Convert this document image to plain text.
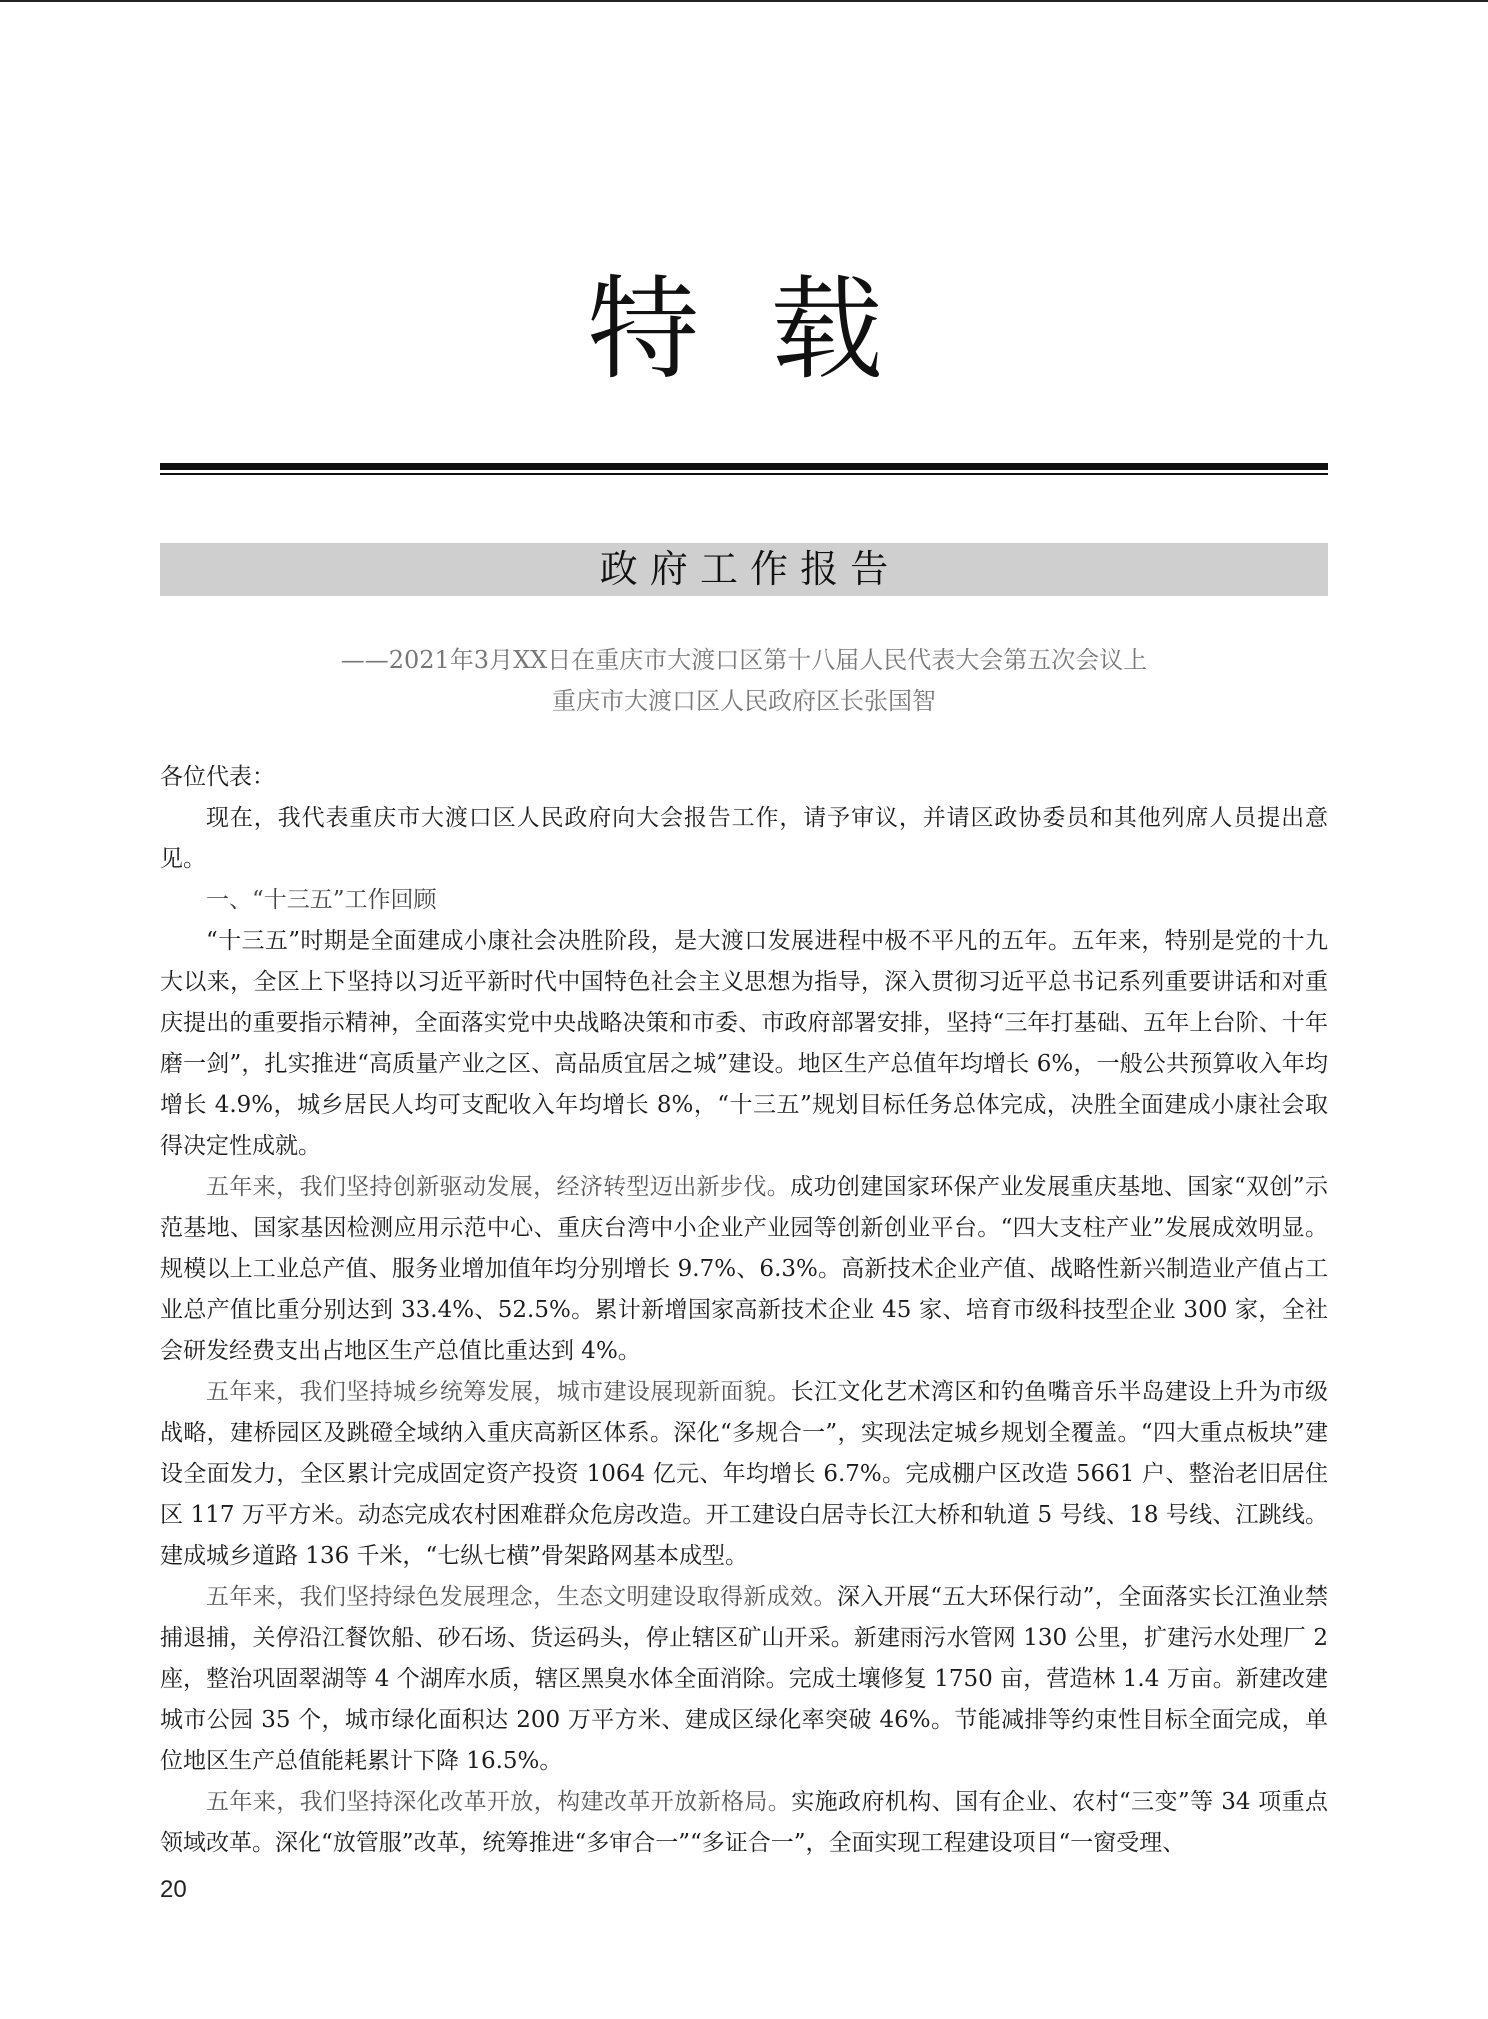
特 载
政 府 工 作 报 告
——2021年3月XX日在重庆市大渡口区第十八届人民代表大会第五次会议上
重庆市大渡口区人民政府区长张国智

各位代表：

现在，我代表重庆市大渡口区人民政府向大会报告工作，请予审议，并请区政协委员和其他列席人员提出意见。

一、“十三五”工作回顾

“十三五”时期是全面建成小康社会决胜阶段，是大渡口发展进程中极不平凡的五年。五年来，特别是党的十九大以来，全区上下坚持以习近平新时代中国特色社会主义思想为指导，深入贯彻习近平总书记系列重要讲话和对重庆提出的重要指示精神，全面落实党中央战略决策和市委、市政府部署安排，坚持“三年打基础、五年上台阶、十年磨一剑”，扎实推进“高质量产业之区、高品质宜居之城”建设。地区生产总值年均增长 6%，一般公共预算收入年均增长 4.9%，城乡居民人均可支配收入年均增长 8%，“十三五”规划目标任务总体完成，决胜全面建成小康社会取得决定性成就。

五年来，我们坚持创新驱动发展，经济转型迈出新步伐。成功创建国家环保产业发展重庆基地、国家“双创”示范基地、国家基因检测应用示范中心、重庆台湾中小企业产业园等创新创业平台。“四大支柱产业”发展成效明显。规模以上工业总产值、服务业增加值年均分别增长 9.7%、6.3%。高新技术企业产值、战略性新兴制造业产值占工业总产值比重分别达到 33.4%、52.5%。累计新增国家高新技术企业 45 家、培育市级科技型企业 300 家，全社会研发经费支出占地区生产总值比重达到 4%。

五年来，我们坚持城乡统筹发展，城市建设展现新面貌。长江文化艺术湾区和钓鱼嘴音乐半岛建设上升为市级战略，建桥园区及跳磴全域纳入重庆高新区体系。深化“多规合一”，实现法定城乡规划全覆盖。“四大重点板块”建设全面发力，全区累计完成固定资产投资 1064 亿元、年均增长 6.7%。完成棚户区改造 5661 户、整治老旧居住区 117 万平方米。动态完成农村困难群众危房改造。开工建设白居寺长江大桥和轨道 5 号线、18 号线、江跳线。建成城乡道路 136 千米，“七纵七横”骨架路网基本成型。

五年来，我们坚持绿色发展理念，生态文明建设取得新成效。深入开展“五大环保行动”，全面落实长江渔业禁捕退捕，关停沿江餐饮船、砂石场、货运码头，停止辖区矿山开采。新建雨污水管网 130 公里，扩建污水处理厂 2 座，整治巩固翠湖等 4 个湖库水质，辖区黑臭水体全面消除。完成土壤修复 1750 亩，营造林 1.4 万亩。新建改建城市公园 35 个，城市绿化面积达 200 万平方米、建成区绿化率突破 46%。节能减排等约束性目标全面完成，单位地区生产总值能耗累计下降 16.5%。

五年来，我们坚持深化改革开放，构建改革开放新格局。实施政府机构、国有企业、农村“三变”等 34 项重点领域改革。深化“放管服”改革，统筹推进“多审合一”“多证合一”，全面实现工程建设项目“一窗受理、

20
